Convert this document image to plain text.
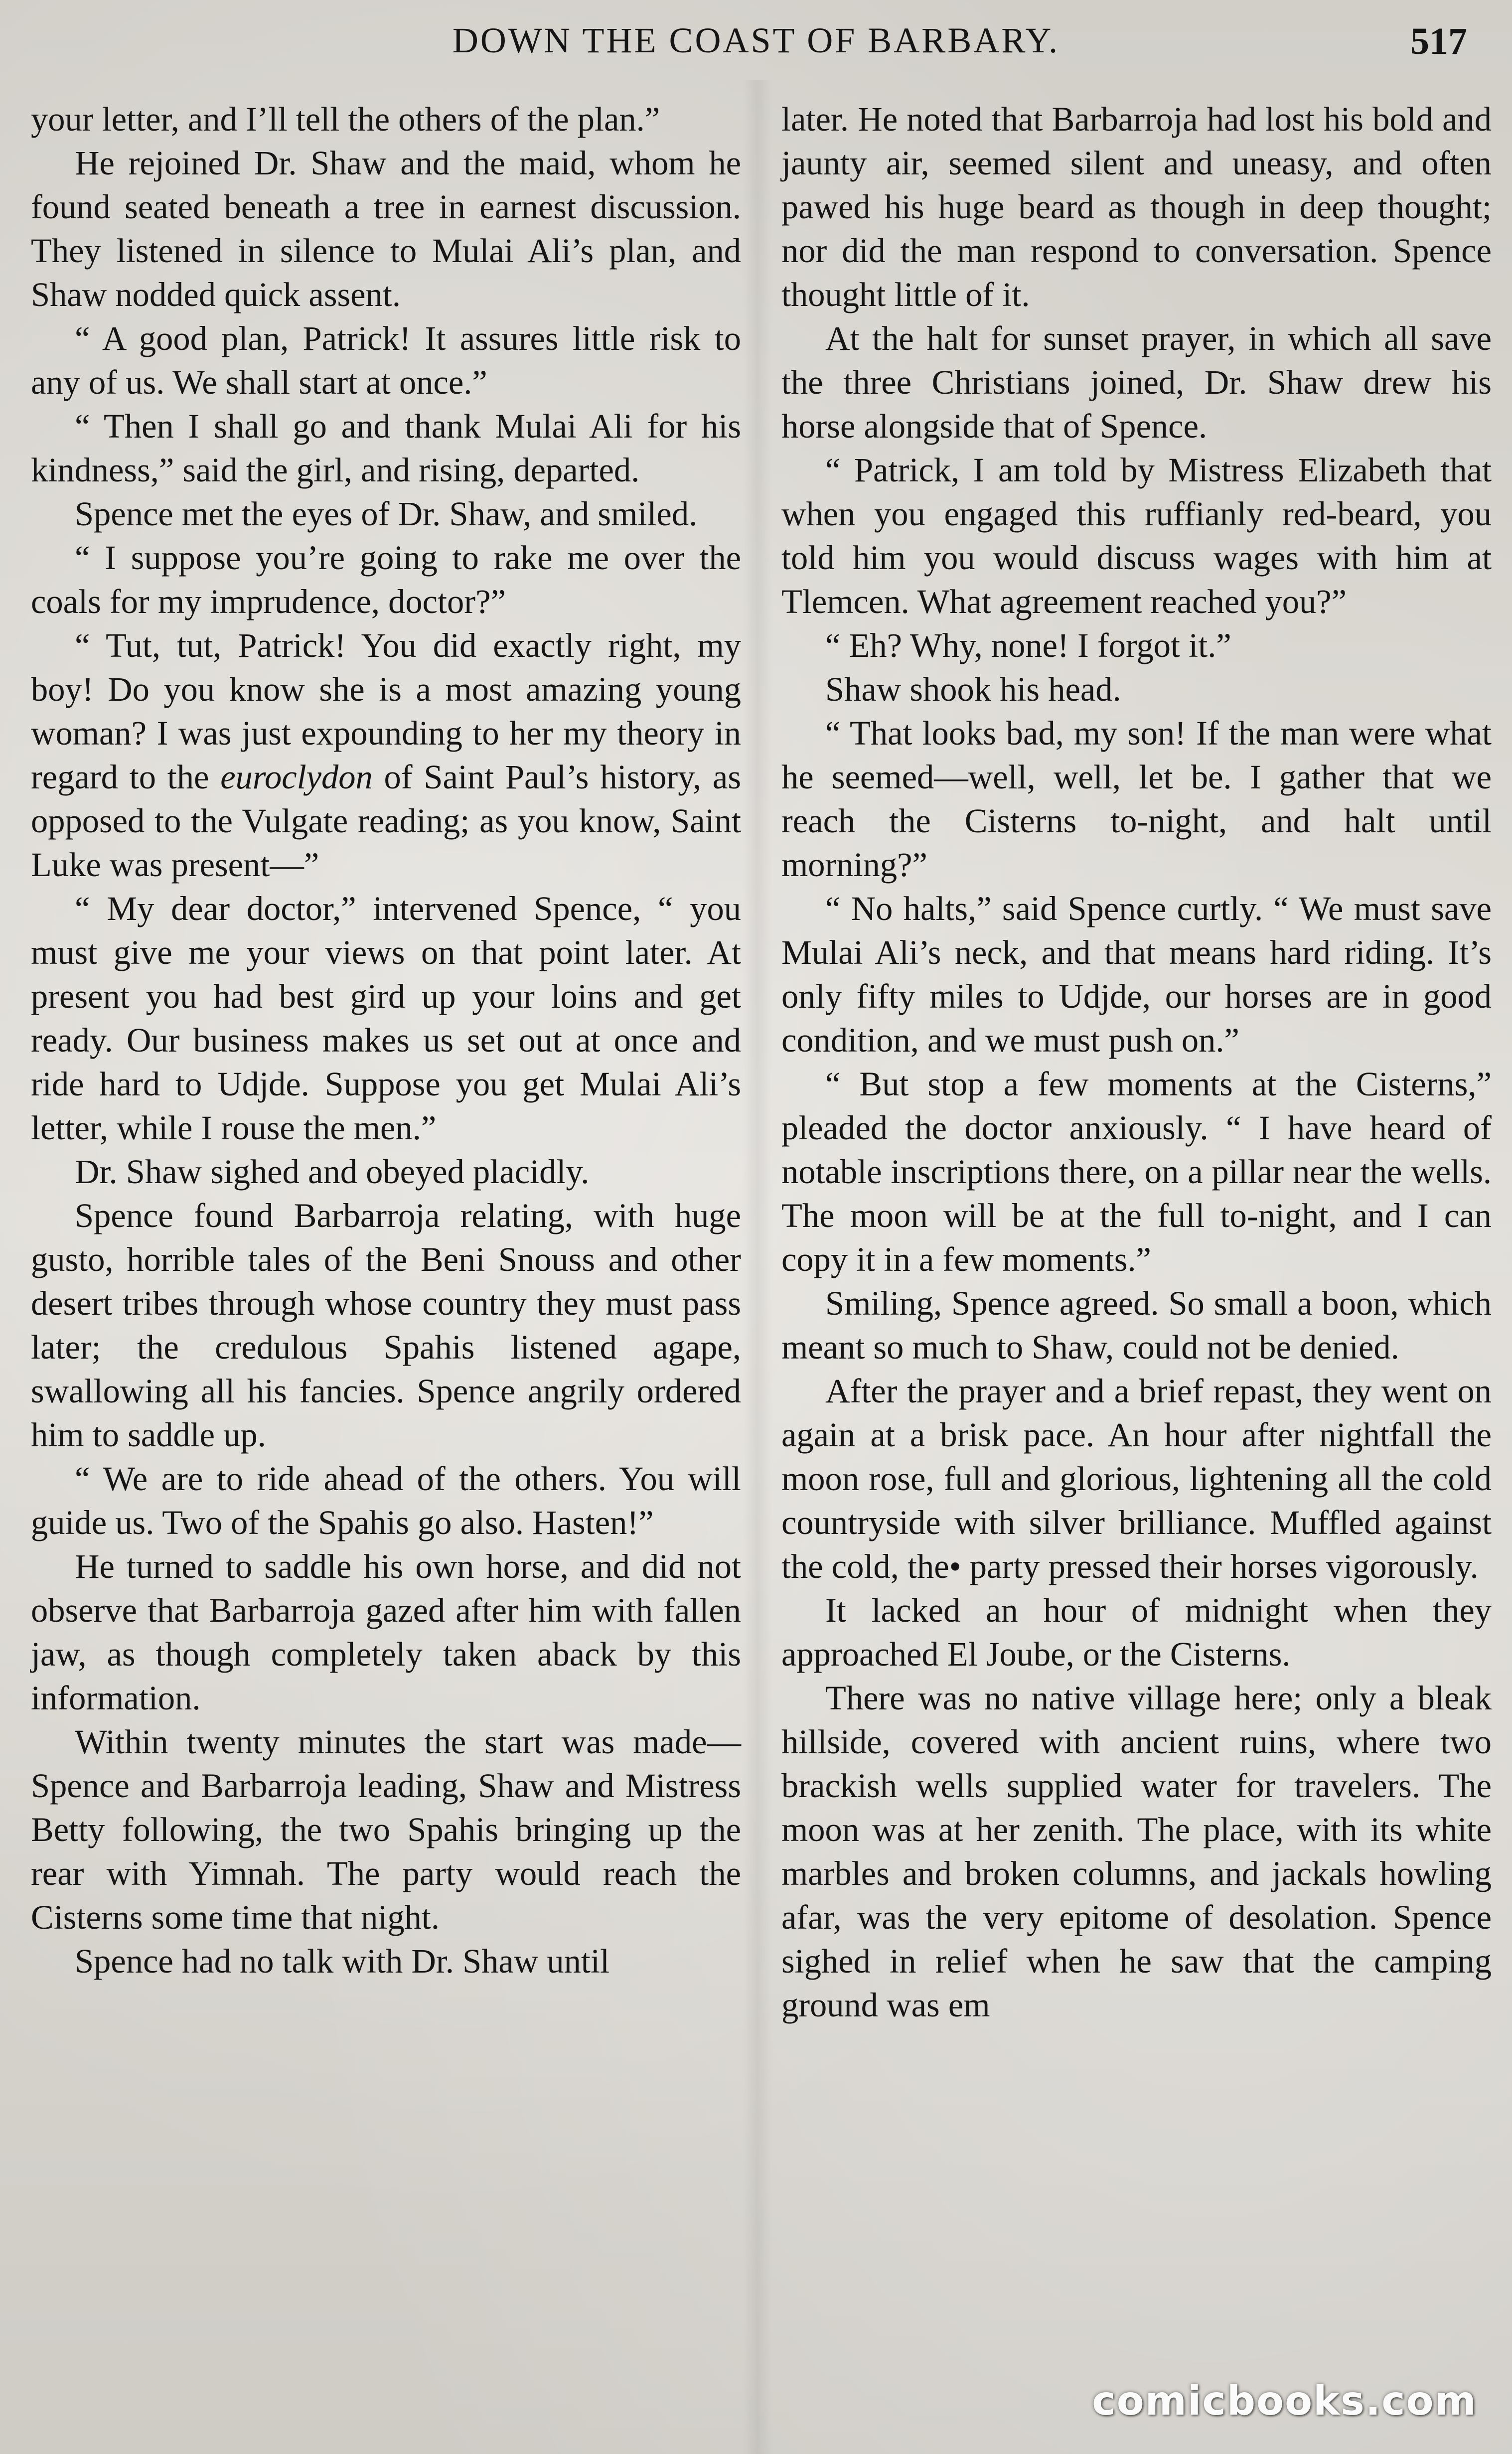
DOWN THE COAST OF BARBARY.	517

your letter, and I’ll tell the others of the plan.”

He rejoined Dr. Shaw and the maid, whom he found seated beneath a tree in earnest discussion. They listened in silence to Mulai Ali’s plan, and Shaw nodded quick assent.

“ A good plan, Patrick! It assures little risk to any of us. We shall start at once.”

“ Then I shall go and thank Mulai Ali for his kindness,” said the girl, and rising, departed.

Spence met the eyes of Dr. Shaw, and smiled.

“ I suppose you’re going to rake me over the coals for my imprudence, doctor?”

“ Tut, tut, Patrick! You did exactly right, my boy! Do you know she is a most amazing young woman? I was just expounding to her my theory in regard to the euroclydon of Saint Paul’s history, as opposed to the Vulgate reading; as you know, Saint Luke was present—”

“ My dear doctor,” intervened Spence, “ you must give me your views on that point later. At present you had best gird up your loins and get ready. Our business makes us set out at once and ride hard to Udjde. Suppose you get Mulai Ali’s letter, while I rouse the men.”

Dr. Shaw sighed and obeyed placidly.

Spence found Barbarroja relating, with huge gusto, horrible tales of the Beni Snouss and other desert tribes through whose country they must pass later; the credulous Spahis listened agape, swallowing all his fancies. Spence angrily ordered him to saddle up.

“ We are to ride ahead of the others. You will guide us. Two of the Spahis go also. Hasten!”

He turned to saddle his own horse, and did not observe that Barbarroja gazed after him with fallen jaw, as though completely taken aback by this information.

Within twenty minutes the start was made—Spence and Barbarroja leading, Shaw and Mistress Betty following, the two Spahis bringing up the rear with Yimnah. The party would reach the Cisterns some time that night.

Spence had no talk with Dr. Shaw until

later. He noted that Barbarroja had lost his bold and jaunty air, seemed silent and uneasy, and often pawed his huge beard as though in deep thought; nor did the man respond to conversation. Spence thought little of it.

At the halt for sunset prayer, in which all save the three Christians joined, Dr. Shaw drew his horse alongside that of Spence.

“ Patrick, I am told by Mistress Elizabeth that when you engaged this ruffianly red-beard, you told him you would discuss wages with him at Tlemcen. What agreement reached you?”

“ Eh? Why, none! I forgot it.”

Shaw shook his head.

“ That looks bad, my son! If the man were what he seemed—well, well, let be. I gather that we reach the Cisterns to-night, and halt until morning?”

“ No halts,” said Spence curtly. “ We must save Mulai Ali’s neck, and that means hard riding. It’s only fifty miles to Udjde, our horses are in good condition, and we must push on.”

“ But stop a few moments at the Cisterns,” pleaded the doctor anxiously. “ I have heard of notable inscriptions there, on a pillar near the wells. The moon will be at the full to-night, and I can copy it in a few moments.”

Smiling, Spence agreed. So small a boon, which meant so much to Shaw, could not be denied.

After the prayer and a brief repast, they went on again at a brisk pace. An hour after nightfall the moon rose, full and glorious, lightening all the cold countryside with silver brilliance. Muffled against the cold, the• party pressed their horses vigorously.

It lacked an hour of midnight when they approached El Joube, or the Cisterns.

There was no native village here; only a bleak hillside, covered with ancient ruins, where two brackish wells supplied water for travelers. The moon was at her zenith. The place, with its white marbles and broken columns, and jackals howling afar, was the very epitome of desolation. Spence sighed in relief when he saw that the camping ground was em

comicbooks.com
